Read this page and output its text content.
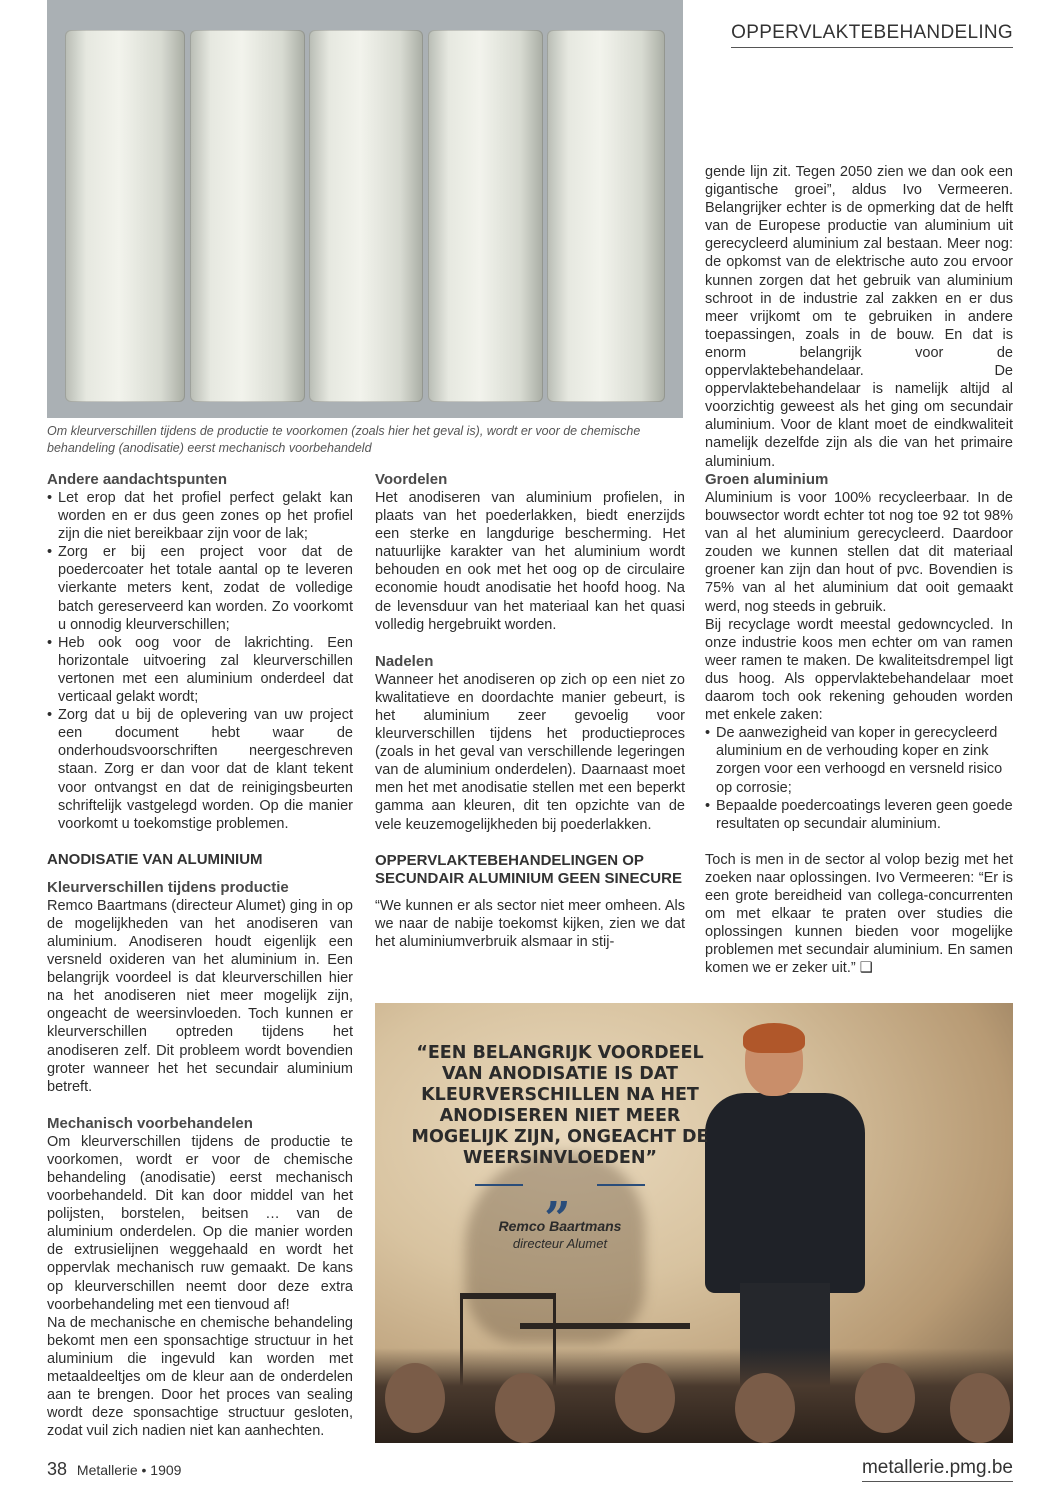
OPPERVLAKTEBEHANDELING
Om kleurverschillen tijdens de productie te voorkomen (zoals hier het geval is), wordt er voor de chemische behandeling (anodisatie) eerst mechanisch voorbehandeld
Andere aandachtspunten
• Let erop dat het profiel perfect gelakt kan worden en er dus geen zones op het profiel zijn die niet bereikbaar zijn voor de lak;
• Zorg er bij een project voor dat de poedercoater het totale aantal op te leveren vierkante meters kent, zodat de volledige batch gereserveerd kan worden. Zo voorkomt u onnodig kleurverschillen;
• Heb ook oog voor de lakrichting. Een horizontale uitvoering zal kleurverschillen vertonen met een aluminium onderdeel dat verticaal gelakt wordt;
• Zorg dat u bij de oplevering van uw project een document hebt waar de onderhoudsvoorschriften neergeschreven staan. Zorg er dan voor dat de klant tekent voor ontvangst en dat de reinigingsbeurten schriftelijk vastgelegd worden. Op die manier voorkomt u toekomstige problemen.
ANODISATIE VAN ALUMINIUM
Kleurverschillen tijdens productie

Remco Baartmans (directeur Alumet) ging in op de mogelijkheden van het anodiseren van aluminium. Anodiseren houdt eigenlijk een versneld oxideren van het aluminium in. Een belangrijk voordeel is dat kleurverschillen hier na het anodiseren niet meer mogelijk zijn, ongeacht de weersinvloeden. Toch kunnen er kleurverschillen optreden tijdens het anodiseren zelf. Dit probleem wordt bovendien groter wanneer het het secundair aluminium betreft.

Mechanisch voorbehandelen

Om kleurverschillen tijdens de productie te voorkomen, wordt er voor de chemische behandeling (anodisatie) eerst mechanisch voorbehandeld. Dit kan door middel van het polijsten, borstelen, beitsen … van de aluminium onderdelen. Op die manier worden de extrusielijnen weggehaald en wordt het oppervlak mechanisch ruw gemaakt. De kans op kleurverschillen neemt door deze extra voorbehandeling met een tienvoud af!

Na de mechanische en chemische behandeling bekomt men een sponsachtige structuur in het aluminium die ingevuld kan worden met metaaldeeltjes om de kleur aan de onderdelen aan te brengen. Door het proces van sealing wordt deze sponsachtige structuur gesloten, zodat vuil zich nadien niet kan aanhechten.

Voordelen

Het anodiseren van aluminium profielen, in plaats van het poederlakken, biedt enerzijds een sterke en langdurige bescherming. Het natuurlijke karakter van het aluminium wordt behouden en ook met het oog op de circulaire economie houdt anodisatie het hoofd hoog. Na de levensduur van het materiaal kan het quasi volledig hergebruikt worden.

Nadelen

Wanneer het anodiseren op zich op een niet zo kwalitatieve en doordachte manier gebeurt, is het aluminium zeer gevoelig voor kleurverschillen tijdens het productieproces (zoals in het geval van verschillende legeringen van de aluminium onderdelen). Daarnaast moet men het met anodisatie stellen met een beperkt gamma aan kleuren, dit ten opzichte van de vele keuzemogelijkheden bij poederlakken.

OPPERVLAKTEBEHANDELINGEN OP SECUNDAIR ALUMINIUM GEEN SINECURE

“We kunnen er als sector niet meer omheen. Als we naar de nabije toekomst kijken, zien we dat het aluminiumverbruik alsmaar in stij-

gende lijn zit. Tegen 2050 zien we dan ook een gigantische groei”, aldus Ivo Vermeeren. Belangrijker echter is de opmerking dat de helft van de Europese productie van aluminium uit gerecycleerd aluminium zal bestaan. Meer nog: de opkomst van de elektrische auto zou ervoor kunnen zorgen dat het gebruik van aluminium schroot in de industrie zal zakken en er dus meer vrijkomt om te gebruiken in andere toepassingen, zoals in de bouw. En dat is enorm belangrijk voor de oppervlaktebehandelaar. De oppervlaktebehandelaar is namelijk altijd al voorzichtig geweest als het ging om secundair aluminium. Voor de klant moet de eindkwaliteit namelijk dezelfde zijn als die van het primaire aluminium.

Groen aluminium

Aluminium is voor 100% recycleerbaar. In de bouwsector wordt echter tot nog toe 92 tot 98% van al het aluminium gerecycleerd. Daardoor zouden we kunnen stellen dat dit materiaal groener kan zijn dan hout of pvc. Bovendien is 75% van al het aluminium dat ooit gemaakt werd, nog steeds in gebruik.

Bij recyclage wordt meestal gedowncycled. In onze industrie koos men echter om van ramen weer ramen te maken. De kwaliteitsdrempel ligt dus hoog. Als oppervlaktebehandelaar moet daarom toch ook rekening gehouden worden met enkele zaken:

• De aanwezigheid van koper in gerecycleerd aluminium en de verhouding koper en zink zorgen voor een verhoogd en versneld risico op corrosie;
• Bepaalde poedercoatings leveren geen goede resultaten op secundair aluminium.

Toch is men in de sector al volop bezig met het zoeken naar oplossingen. Ivo Vermeeren: “Er is een grote bereidheid van collega-concurrenten om met elkaar te praten over studies die oplossingen kunnen bieden voor mogelijke problemen met secundair aluminium. En samen komen we er zeker uit.” ❑

“EEN BELANGRIJK VOORDEEL VAN ANODISATIE IS DAT KLEURVERSCHILLEN NA HET ANODISEREN NIET MEER MOGELIJK ZIJN, ONGEACHT DE WEERSINVLOEDEN”
„
Remco Baartmans
directeur Alumet
38 Metallerie • 1909	metallerie.pmg.be
